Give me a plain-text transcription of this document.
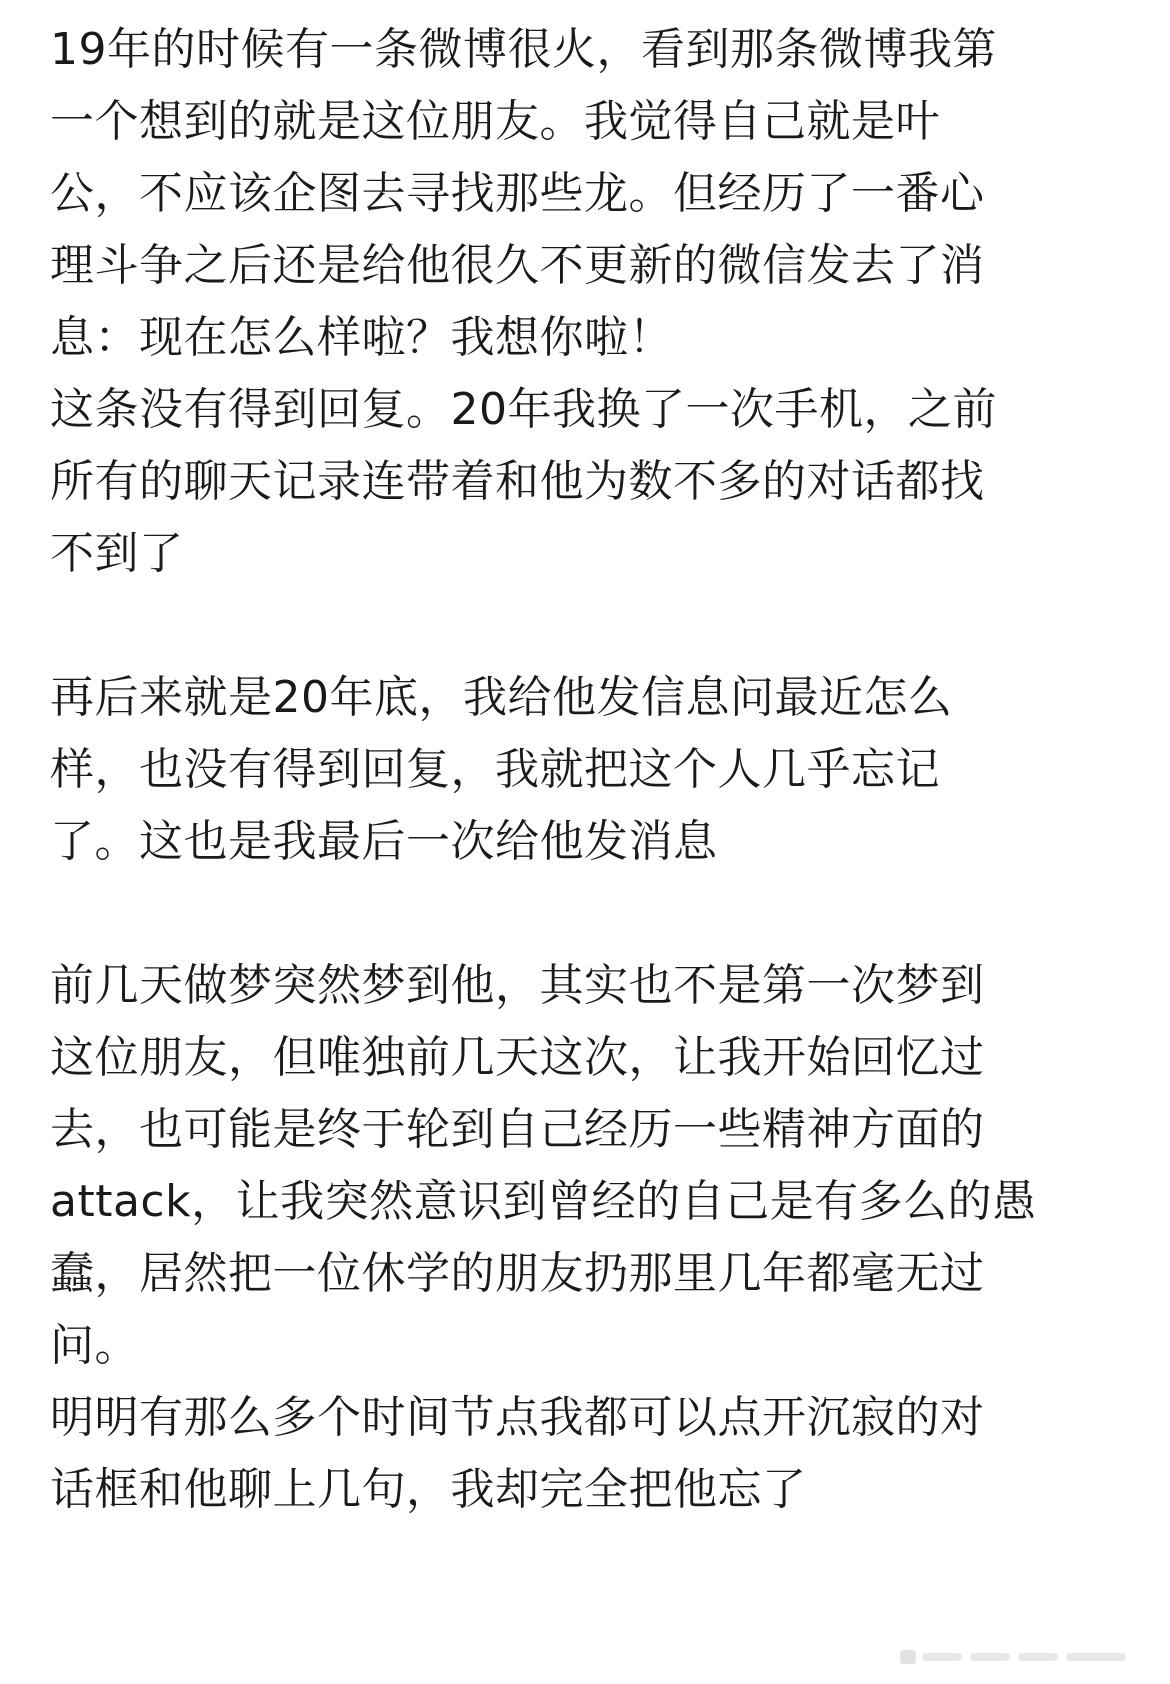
19年的时候有一条微博很火，看到那条微博我第
一个想到的就是这位朋友。我觉得自己就是叶
公，不应该企图去寻找那些龙。但经历了一番心
理斗争之后还是给他很久不更新的微信发去了消
息：现在怎么样啦？我想你啦！

这条没有得到回复。20年我换了一次手机，之前
所有的聊天记录连带着和他为数不多的对话都找
不到了

再后来就是20年底，我给他发信息问最近怎么
样，也没有得到回复，我就把这个人几乎忘记
了。这也是我最后一次给他发消息

前几天做梦突然梦到他，其实也不是第一次梦到
这位朋友，但唯独前几天这次，让我开始回忆过
去，也可能是终于轮到自己经历一些精神方面的
attack，让我突然意识到曾经的自己是有多么的愚
蠢，居然把一位休学的朋友扔那里几年都毫无过
问。

明明有那么多个时间节点我都可以点开沉寂的对
话框和他聊上几句，我却完全把他忘了
